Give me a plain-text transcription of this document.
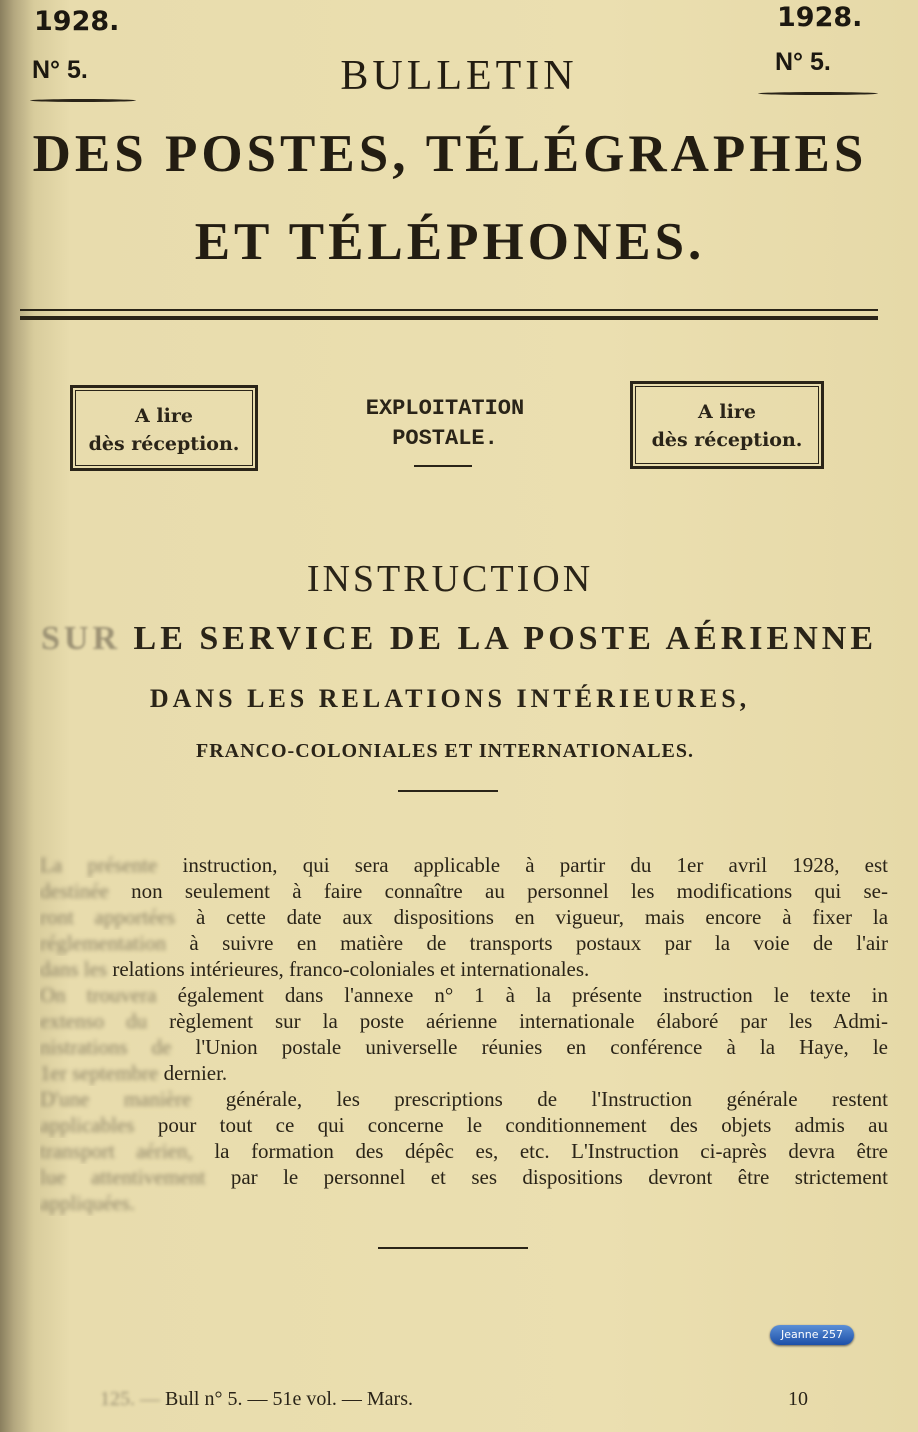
1928.
N° 5.
1928.
N° 5.
BULLETIN
DES POSTES, TÉLÉGRAPHES
ET TÉLÉPHONES.
A lire
dès réception.
EXPLOITATION
POSTALE.
A lire
dès réception.
INSTRUCTION
SUR LE SERVICE DE LA POSTE AÉRIENNE
DANS LES RELATIONS INTÉRIEURES,
FRANCO-COLONIALES ET INTERNATIONALES.
La présente instruction, qui sera applicable à partir du 1er avril 1928, est
destinée non seulement à faire connaître au personnel les modifications qui se-
ront apportées à cette date aux dispositions en vigueur, mais encore à fixer la
réglementation à suivre en matière de transports postaux par la voie de l'air
dans les relations intérieures, franco-coloniales et internationales.
On trouvera également dans l'annexe n° 1 à la présente instruction le texte in
extenso du règlement sur la poste aérienne internationale élaboré par les Admi-
nistrations de l'Union postale universelle réunies en conférence à la Haye, le
1er septembre dernier.
D'une manière générale, les prescriptions de l'Instruction générale restent
applicables pour tout ce qui concerne le conditionnement des objets admis au
transport aérien, la formation des dépêc es, etc. L'Instruction ci-après devra être
lue attentivement par le personnel et ses dispositions devront être strictement
appliquées.
Jeanne 257
125. — Bull n° 5. — 51e vol. — Mars.	10
